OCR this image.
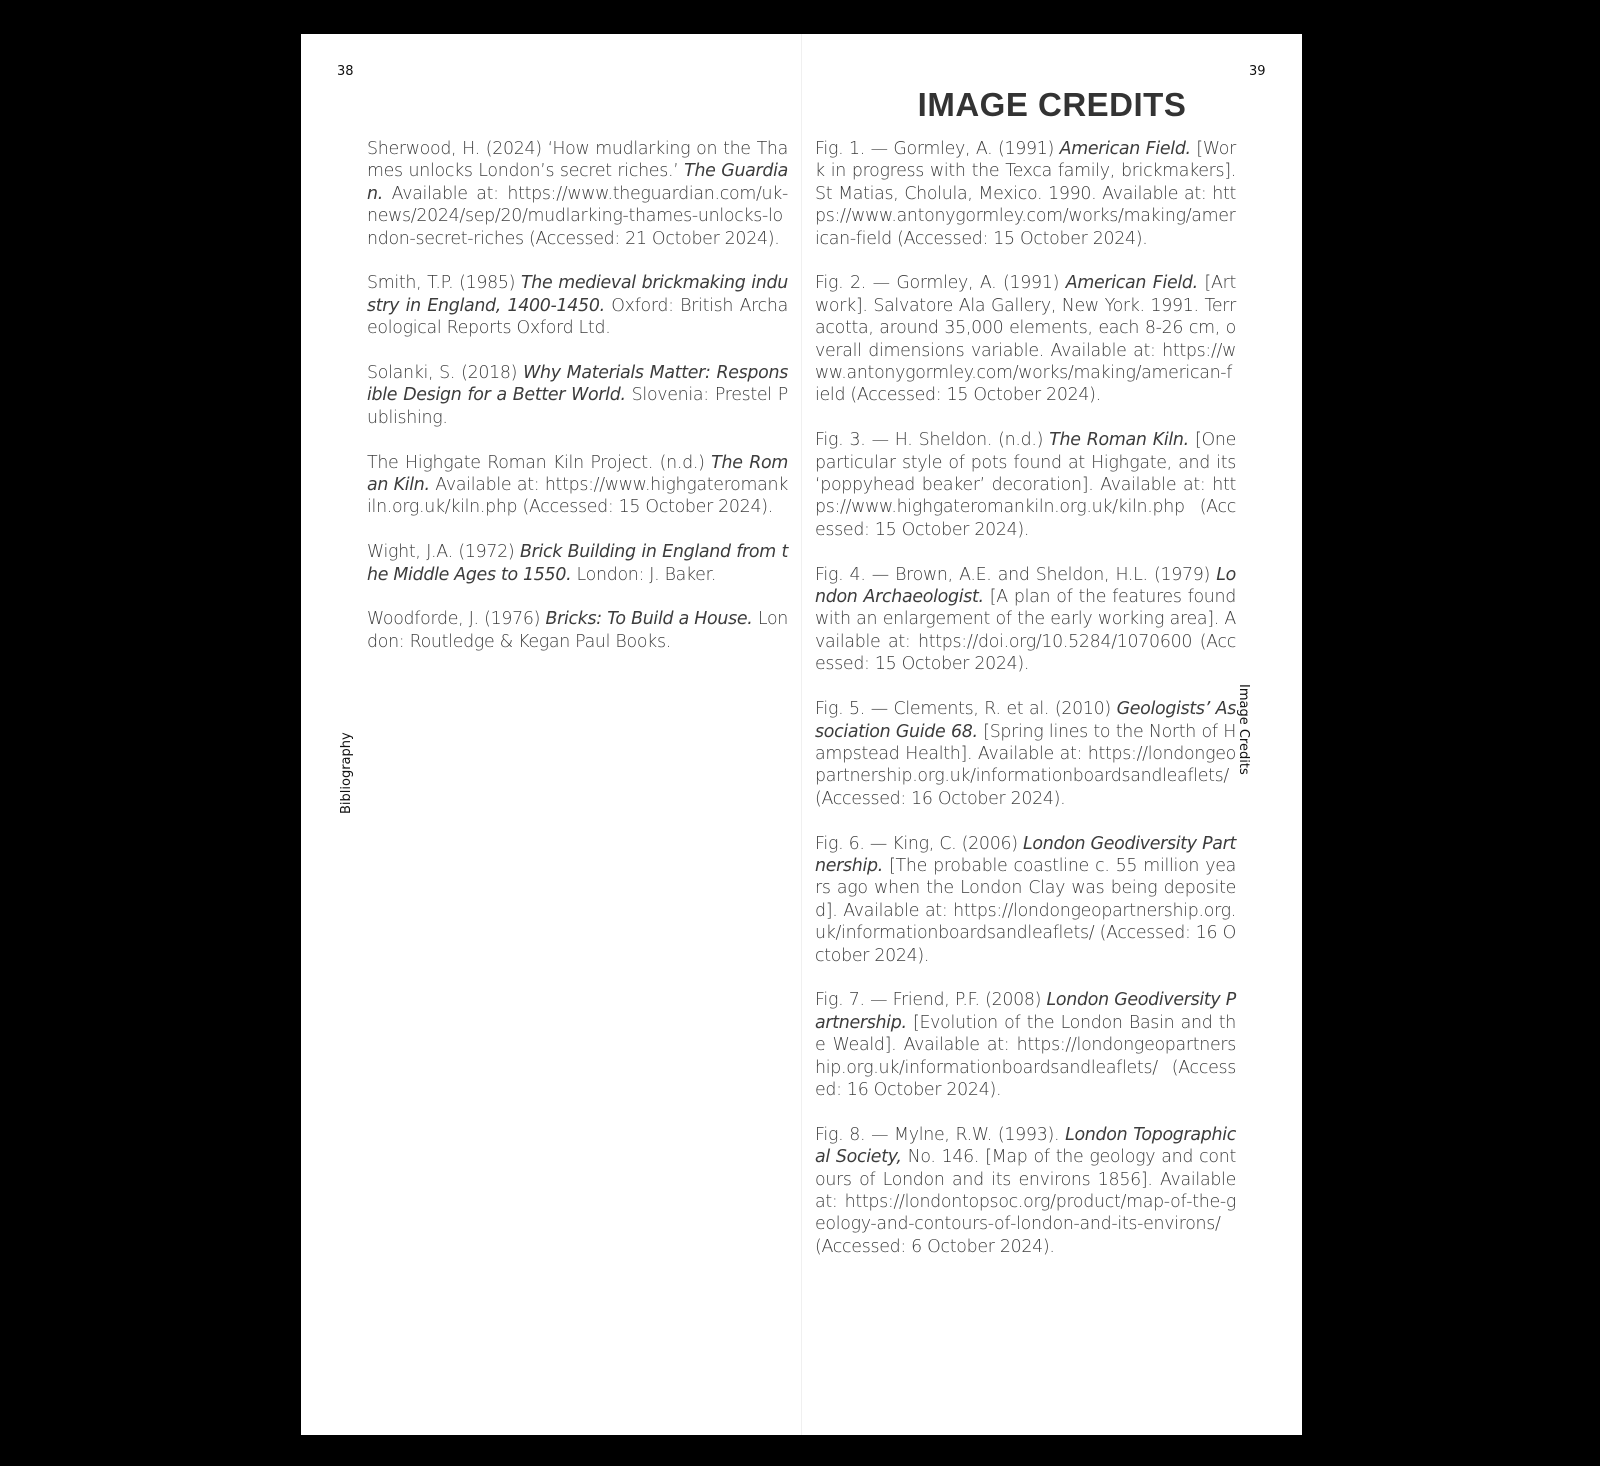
38
Bibliography

Sherwood, H. (2024) ‘How mudlarking on the Thames unlocks London’s secret riches.’ The Guardian. Available at: https://www.theguardian.com/uk-news/2024/sep/20/mudlarking-thames-unlocks-london-secret-riches (Accessed: 21 October 2024).

Smith, T.P. (1985) The medieval brickmaking industry in England, 1400-1450. Oxford: British Archaeological Reports Oxford Ltd.

Solanki, S. (2018) Why Materials Matter: Responsible Design for a Better World. Slovenia: Prestel Publishing.

The Highgate Roman Kiln Project. (n.d.) The Roman Kiln. Available at: https://www.highgateromankiln.org.uk/kiln.php (Accessed: 15 October 2024).

Wight, J.A. (1972) Brick Building in England from the Middle Ages to 1550. London: J. Baker.

Woodforde, J. (1976) Bricks: To Build a House. London: Routledge & Kegan Paul Books.

39
IMAGE CREDITS
Image Credits

Fig. 1. — Gormley, A. (1991) American Field. [Work in progress with the Texca family, brickmakers]. St Matias, Cholula, Mexico. 1990. Available at: https://www.antonygormley.com/works/making/american-field (Accessed: 15 October 2024).

Fig. 2. — Gormley, A. (1991) American Field. [Art work]. Salvatore Ala Gallery, New York. 1991. Terracotta, around 35,000 elements, each 8-26 cm, overall dimensions variable. Available at: https://www.antonygormley.com/works/making/american-field (Accessed: 15 October 2024).

Fig. 3. — H. Sheldon. (n.d.) The Roman Kiln. [One particular style of pots found at Highgate, and its ‘poppyhead beaker’ decoration]. Available at: https://www.highgateromankiln.org.uk/kiln.php (Accessed: 15 October 2024).

Fig. 4. — Brown, A.E. and Sheldon, H.L. (1979) London Archaeologist. [A plan of the features found with an enlargement of the early working area]. Available at: https://doi.org/10.5284/1070600 (Accessed: 15 October 2024).

Fig. 5. — Clements, R. et al. (2010) Geologists’ Association Guide 68. [Spring lines to the North of Hampstead Health]. Available at: https://londongeopartnership.org.uk/informationboardsandleaflets/ (Accessed: 16 October 2024).

Fig. 6. — King, C. (2006) London Geodiversity Partnership. [The probable coastline c. 55 million years ago when the London Clay was being deposited]. Available at: https://londongeopartnership.org.uk/informationboardsandleaflets/ (Accessed: 16 October 2024).

Fig. 7. — Friend, P.F. (2008) London Geodiversity Partnership. [Evolution of the London Basin and the Weald]. Available at: https://londongeopartnership.org.uk/informationboardsandleaflets/ (Accessed: 16 October 2024).

Fig. 8. — Mylne, R.W. (1993). London Topographical Society, No. 146. [Map of the geology and contours of London and its environs 1856]. Available at: https://londontopsoc.org/product/map-of-the-geology-and-contours-of-london-and-its-environs/ (Accessed: 6 October 2024).
